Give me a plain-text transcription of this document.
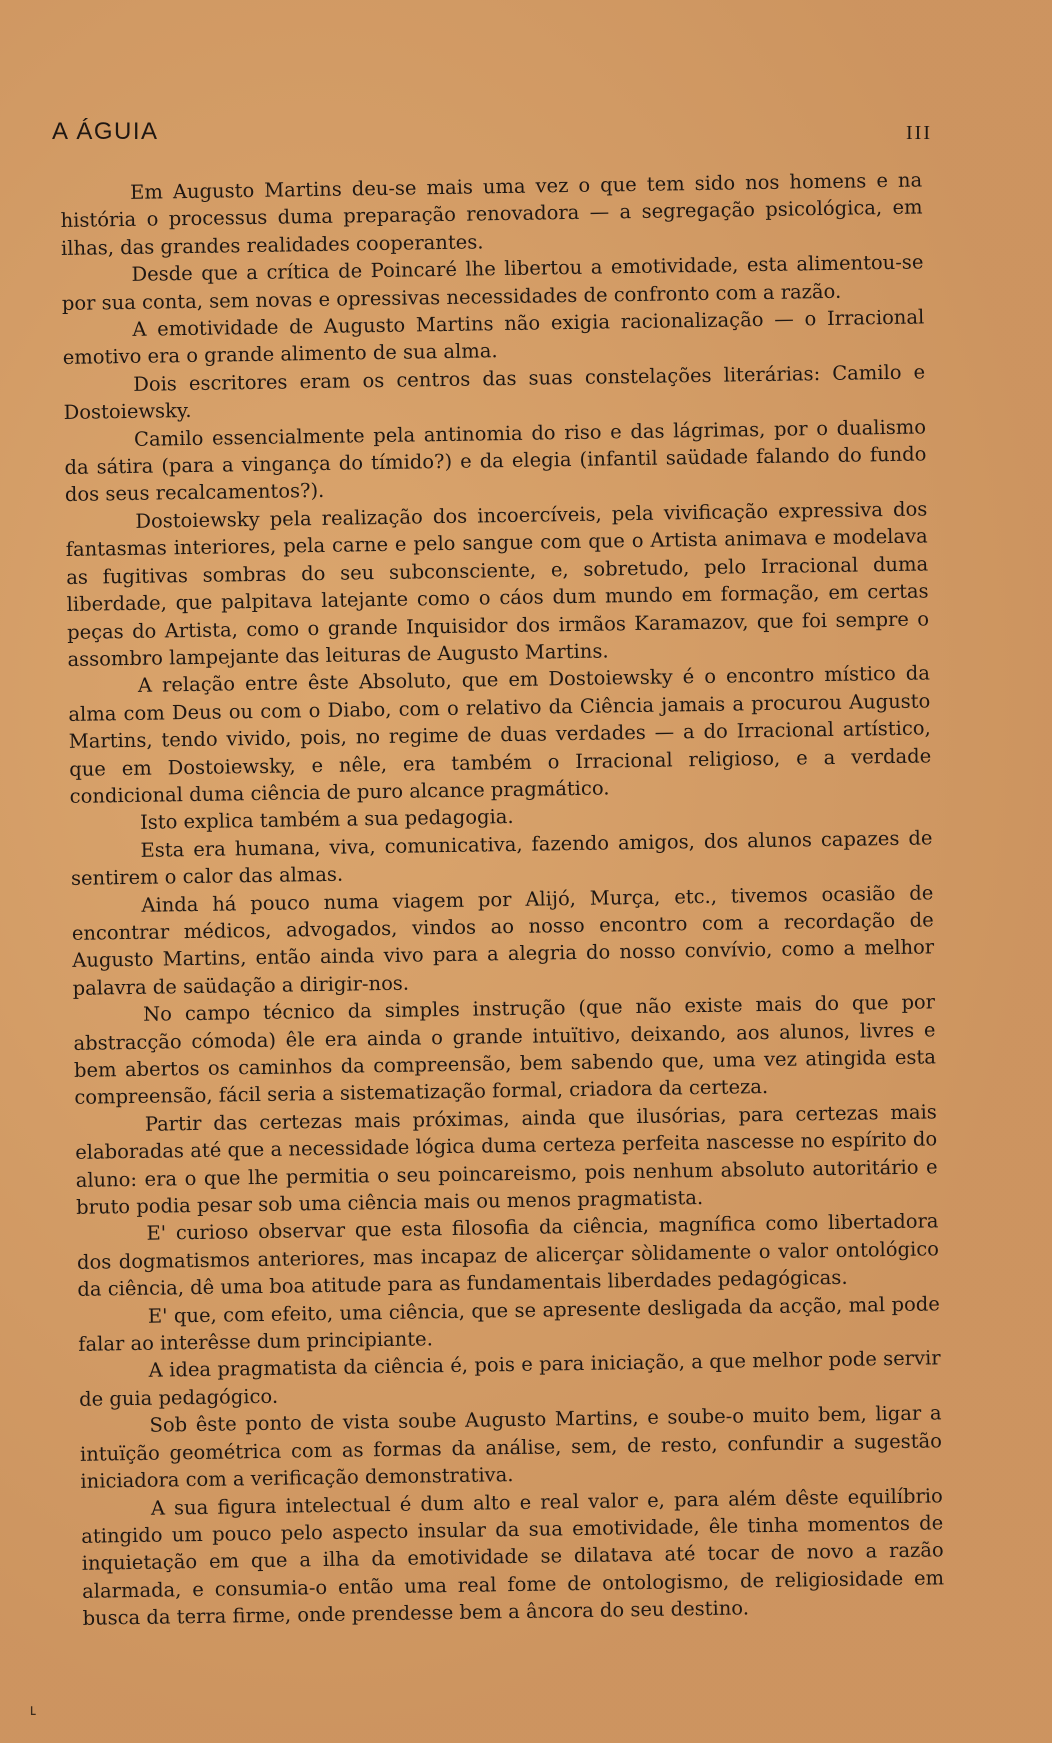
A ÁGUIA	III

Em Augusto Martins deu-se mais uma vez o que tem sido nos homens e na história o processus duma preparação renovadora — a segregação psicológica, em ilhas, das grandes realidades cooperantes.

Desde que a crítica de Poincaré lhe libertou a emotividade, esta alimentou-se por sua conta, sem novas e opressivas necessidades de confronto com a razão.

A emotividade de Augusto Martins não exigia racionalização — o Irracional emotivo era o grande alimento de sua alma.

Dois escritores eram os centros das suas constelações literárias: Camilo e Dostoiewsky.

Camilo essencialmente pela antinomia do riso e das lágrimas, por o dualismo da sátira (para a vingança do tímido?) e da elegia (infantil saüdade falando do fundo dos seus recalcamentos?).

Dostoiewsky pela realização dos incoercíveis, pela vivificação expressiva dos fantasmas interiores, pela carne e pelo sangue com que o Artista animava e modelava as fugitivas sombras do seu subconsciente, e, sobretudo, pelo Irracional duma liberdade, que palpitava latejante como o cáos dum mundo em formação, em certas peças do Artista, como o grande Inquisidor dos irmãos Karamazov, que foi sempre o assombro lampejante das leituras de Augusto Martins.

A relação entre êste Absoluto, que em Dostoiewsky é o encontro místico da alma com Deus ou com o Diabo, com o relativo da Ciência jamais a procurou Augusto Martins, tendo vivido, pois, no regime de duas verdades — a do Irracional artístico, que em Dostoiewsky, e nêle, era também o Irracional religioso, e a verdade condicional duma ciência de puro alcance pragmático.

Isto explica também a sua pedagogia.

Esta era humana, viva, comunicativa, fazendo amigos, dos alunos capazes de sentirem o calor das almas.

Ainda há pouco numa viagem por Alijó, Murça, etc., tivemos ocasião de encontrar médicos, advogados, vindos ao nosso encontro com a recordação de Augusto Martins, então ainda vivo para a alegria do nosso convívio, como a melhor palavra de saüdação a dirigir-nos.

No campo técnico da simples instrução (que não existe mais do que por abstracção cómoda) êle era ainda o grande intuïtivo, deixando, aos alunos, livres e bem abertos os caminhos da compreensão, bem sabendo que, uma vez atingida esta compreensão, fácil seria a sistematização formal, criadora da certeza.

Partir das certezas mais próximas, ainda que ilusórias, para certezas mais elaboradas até que a necessidade lógica duma certeza perfeita nascesse no espírito do aluno: era o que lhe permitia o seu poincareismo, pois nenhum absoluto autoritário e bruto podia pesar sob uma ciência mais ou menos pragmatista.

E' curioso observar que esta filosofia da ciência, magnífica como libertadora dos dogmatismos anteriores, mas incapaz de alicerçar sòlidamente o valor ontológico da ciência, dê uma boa atitude para as fundamentais liberdades pedagógicas.

E' que, com efeito, uma ciência, que se apresente desligada da acção, mal pode falar ao interêsse dum principiante.

A idea pragmatista da ciência é, pois e para iniciação, a que melhor pode servir de guia pedagógico.

Sob êste ponto de vista soube Augusto Martins, e soube-o muito bem, ligar a intuïção geométrica com as formas da análise, sem, de resto, confundir a sugestão iniciadora com a verificação demonstrativa.

A sua figura intelectual é dum alto e real valor e, para além dêste equilíbrio atingido um pouco pelo aspecto insular da sua emotividade, êle tinha momentos de inquietação em que a ilha da emotividade se dilatava até tocar de novo a razão alarmada, e consumia-o então uma real fome de ontologismo, de religiosidade em busca da terra firme, onde prendesse bem a âncora do seu destino.

˪
